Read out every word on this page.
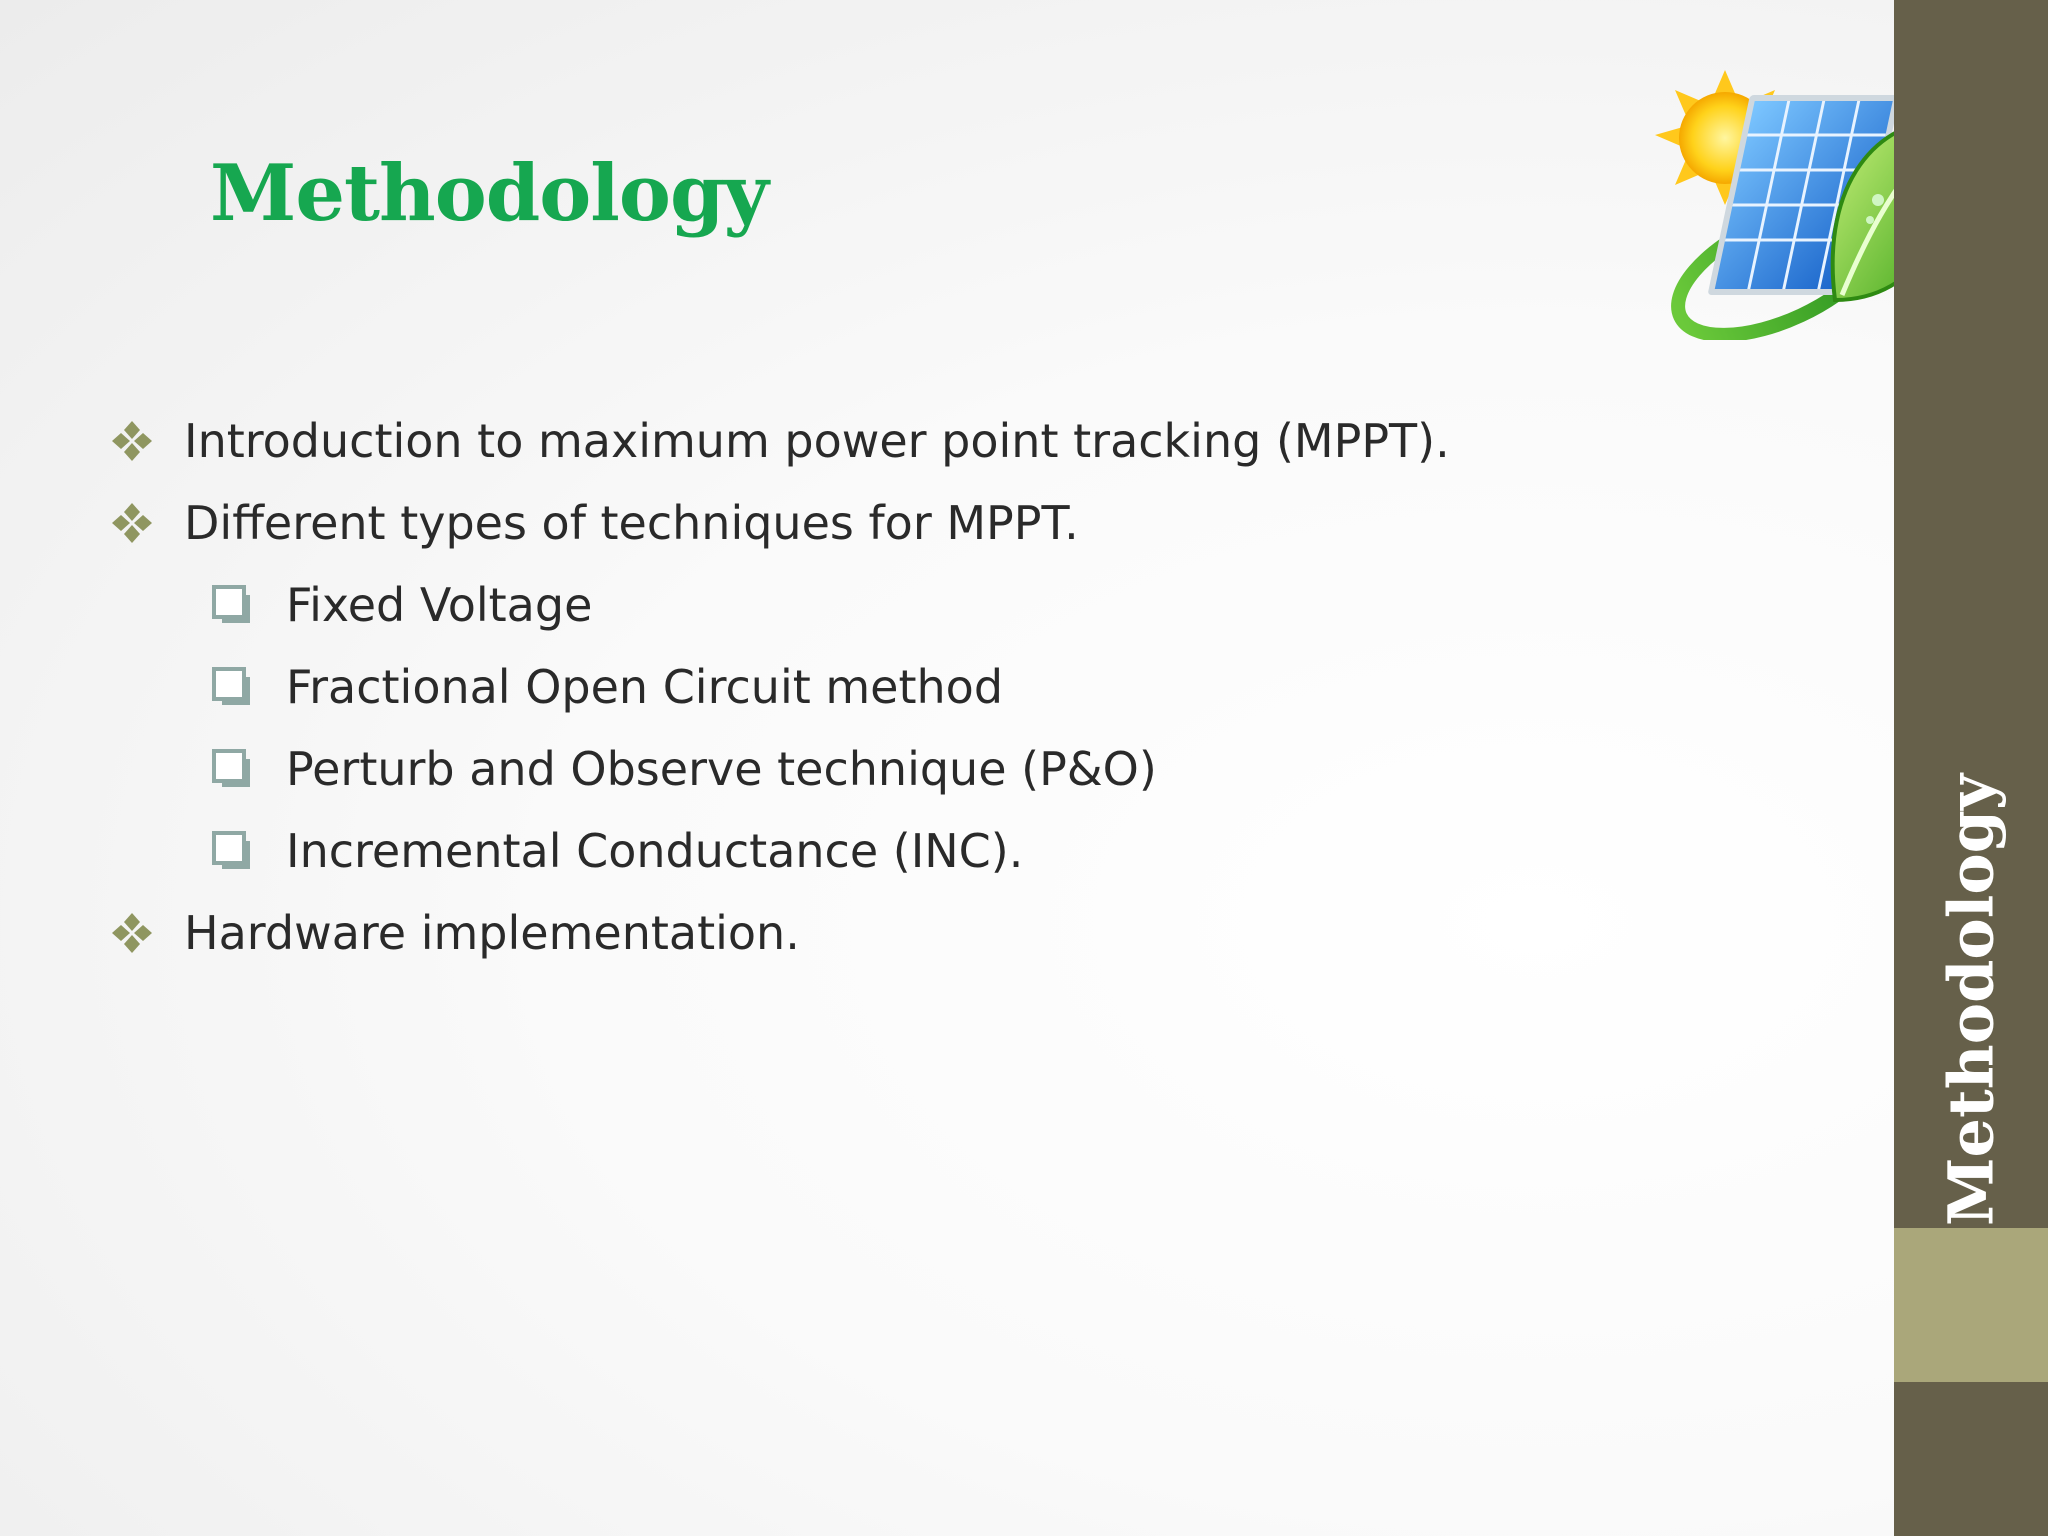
Methodology
Introduction to maximum power point tracking (MPPT).
Different types of techniques for MPPT.
Fixed Voltage
Fractional Open Circuit method
Perturb and Observe technique (P&O)
Incremental Conductance (INC).
Hardware implementation.	Methodology
